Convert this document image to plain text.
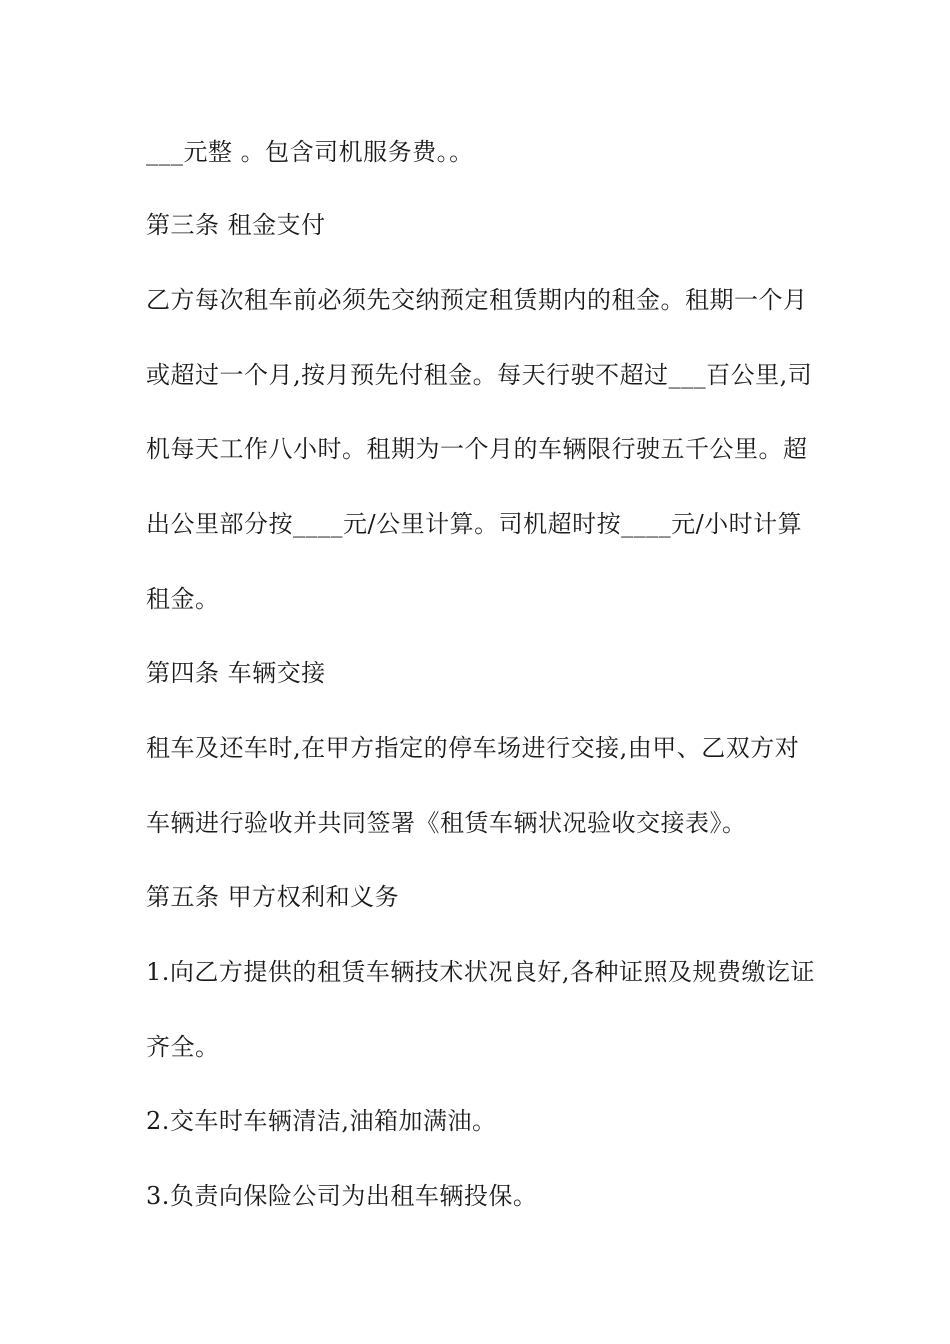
___元整 。包含司机服务费。。
第三条 租金支付
乙方每次租车前必须先交纳预定租赁期内的租金。租期一个月
或超过一个月,按月预先付租金。每天行驶不超过___百公里,司
机每天工作八小时。租期为一个月的车辆限行驶五千公里。超
出公里部分按____元/公里计算。司机超时按____元/小时计算
租金。
第四条 车辆交接
租车及还车时,在甲方指定的停车场进行交接,由甲、乙双方对
车辆进行验收并共同签署《租赁车辆状况验收交接表》。
第五条 甲方权利和义务
1.向乙方提供的租赁车辆技术状况良好,各种证照及规费缴讫证
齐全。
2.交车时车辆清洁,油箱加满油。
3.负责向保险公司为出租车辆投保。
